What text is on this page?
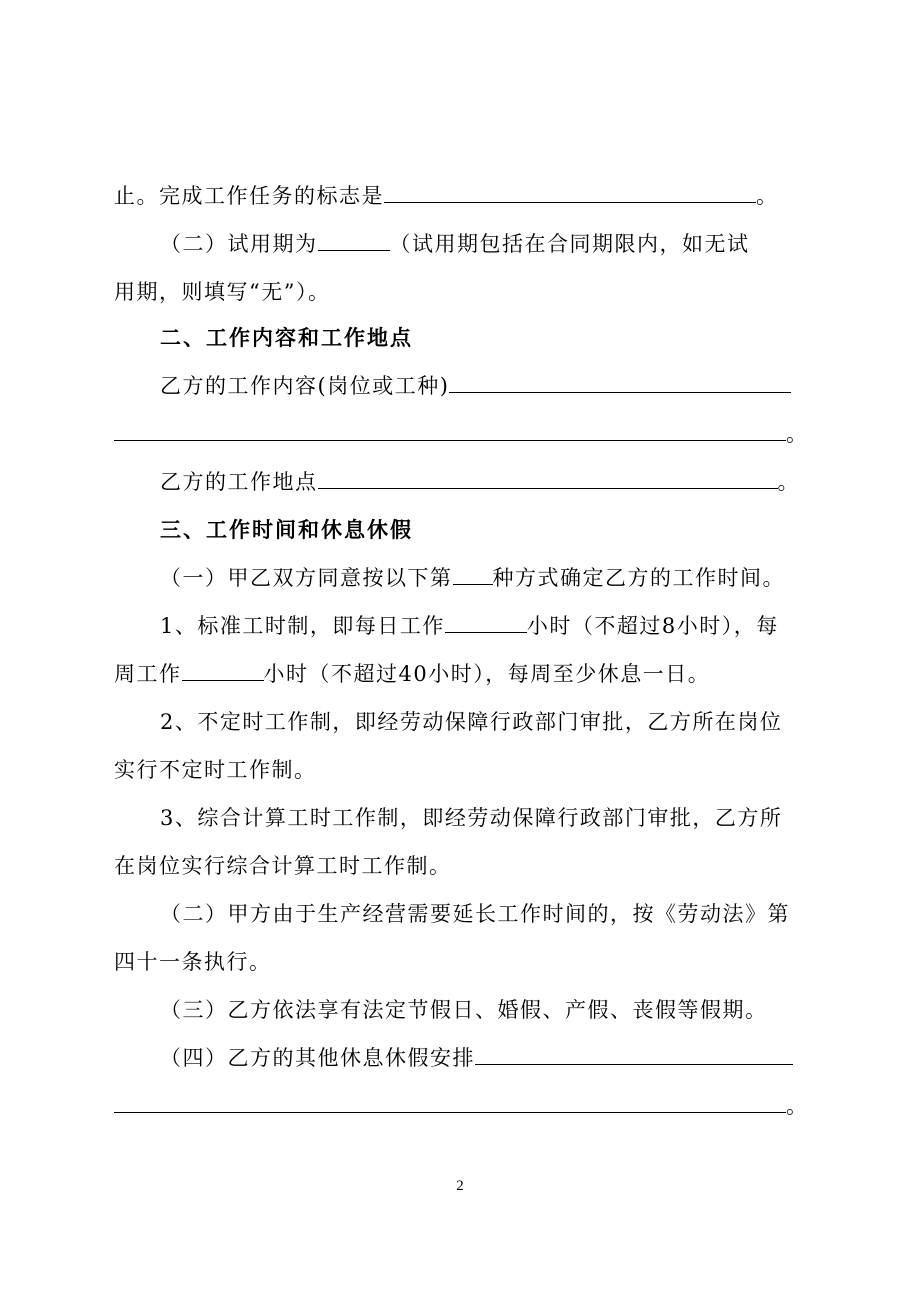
止。完成工作任务的标志是	。
（二）试用期为	（试用期包括在合同期限内，如无试
用期，则填写“无”）。
二、工作内容和工作地点
乙方的工作内容(岗位或工种)
。
乙方的工作地点	。
三、工作时间和休息休假
（一）甲乙双方同意按以下第 种方式确定乙方的工作时间。
1、标准工时制，即每日工作	小时（不超过8小时），每
周工作	小时（不超过40小时），每周至少休息一日。
2、不定时工作制，即经劳动保障行政部门审批，乙方所在岗位
实行不定时工作制。
3、综合计算工时工作制，即经劳动保障行政部门审批，乙方所
在岗位实行综合计算工时工作制。
（二）甲方由于生产经营需要延长工作时间的，按《劳动法》第
四十一条执行。
（三）乙方依法享有法定节假日、婚假、产假、丧假等假期。
（四）乙方的其他休息休假安排
。
2
